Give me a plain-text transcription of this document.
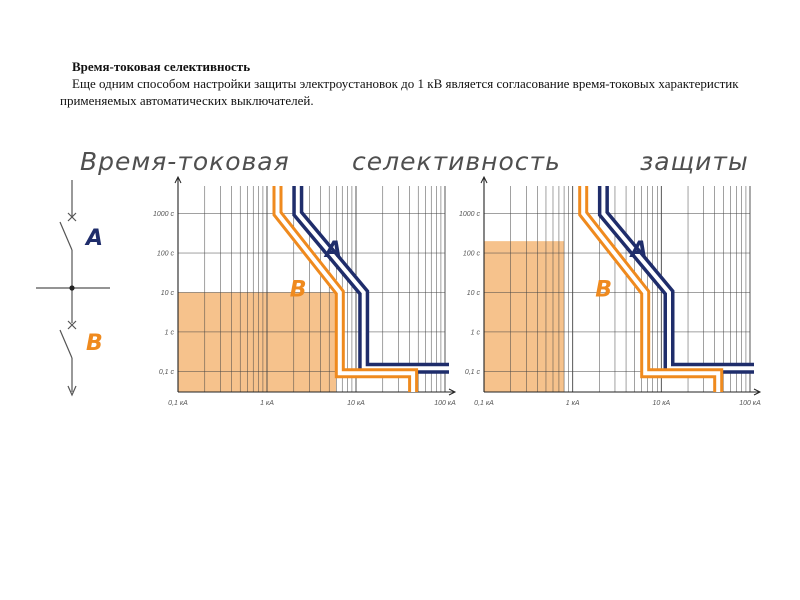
Время-токовая селективность
Еще одним способом настройки защиты электроустановок до 1 кВ является согласование время-токовых характеристик применяемых автоматических выключателей.
Время-токовая селективность	защиты
A
B
1000 с
100 с
10 с
1 с
0,1 с
0,1 кА	1 кА	10 кА	100 кА
A
B
1000 с
100 с
10 с
1 с
0,1 с
0,1 кА	1 кА	10 кА	100 кА
A
B
